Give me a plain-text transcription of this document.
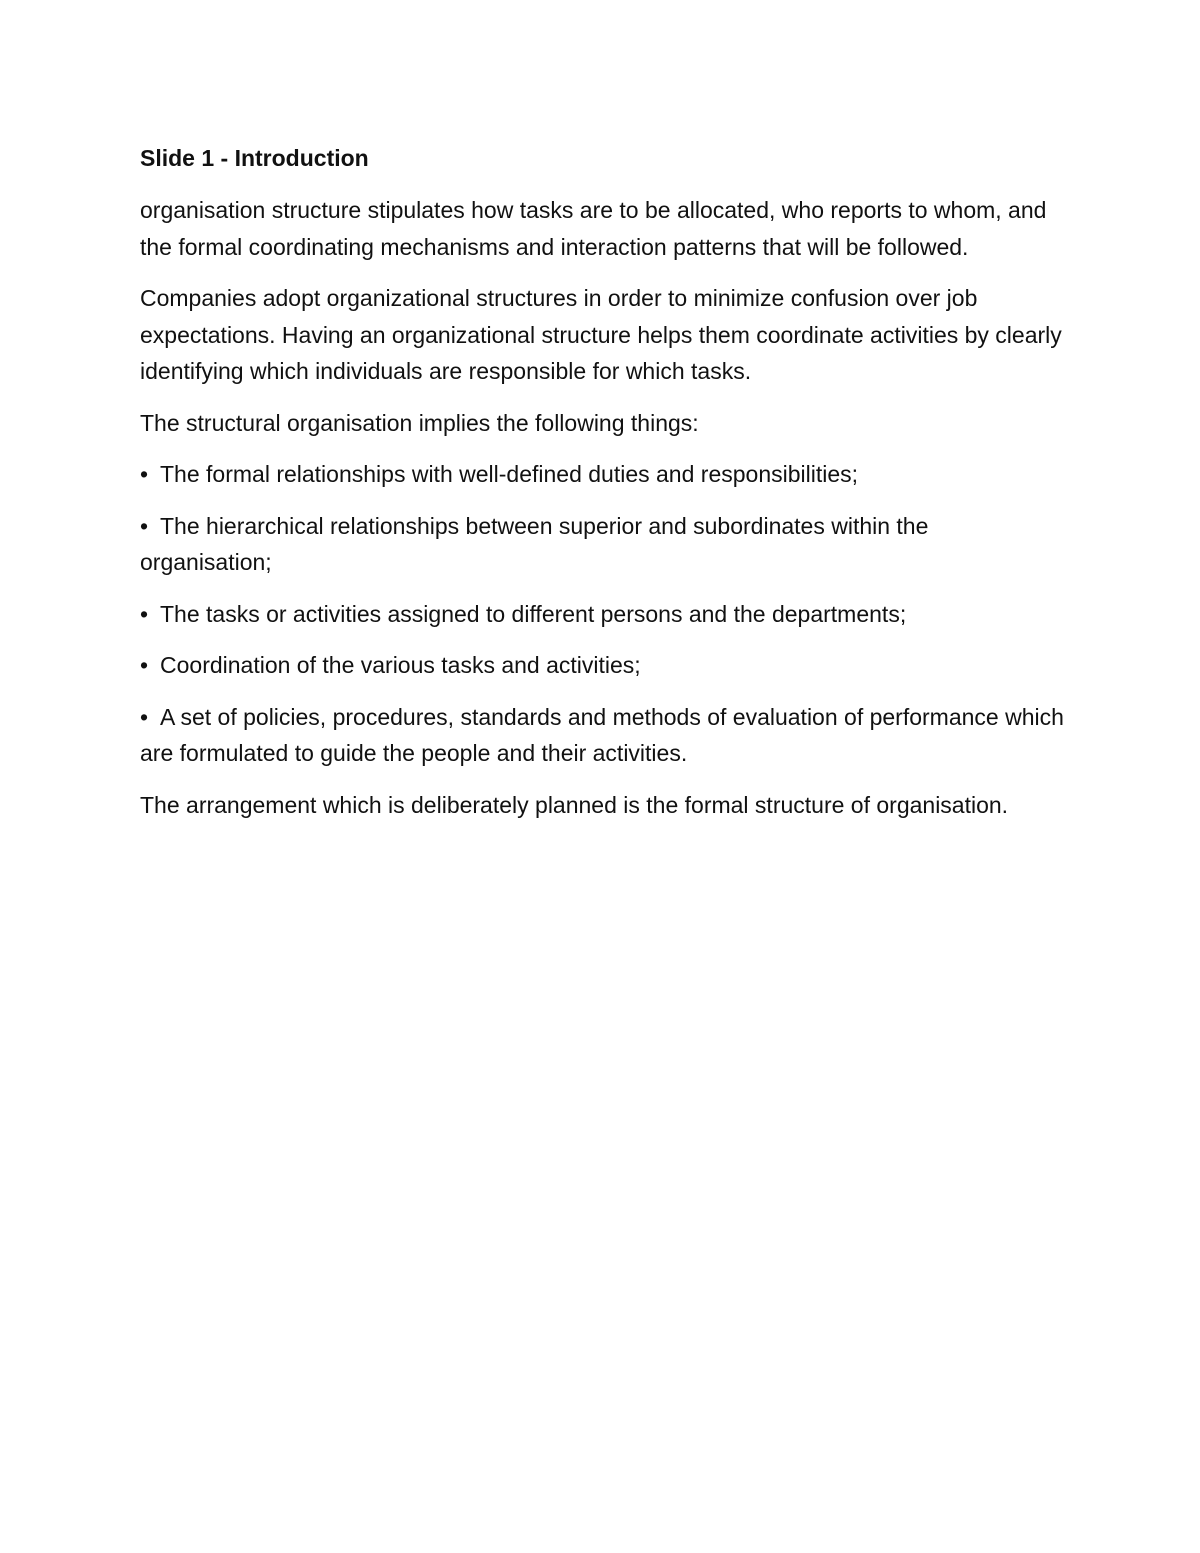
Slide 1 - Introduction

organisation structure stipulates how tasks are to be allocated, who reports to whom, and the formal coordinating mechanisms and interaction patterns that will be followed.

Companies adopt organizational structures in order to minimize confusion over job expectations. Having an organizational structure helps them coordinate activities by clearly identifying which individuals are responsible for which tasks.

The structural organisation implies the following things:

• The formal relationships with well-defined duties and responsibilities;

• The hierarchical relationships between superior and subordinates within the organisation;

• The tasks or activities assigned to different persons and the departments;

• Coordination of the various tasks and activities;

• A set of policies, procedures, standards and methods of evaluation of performance which are formulated to guide the people and their activities.

The arrangement which is deliberately planned is the formal structure of organisation.
